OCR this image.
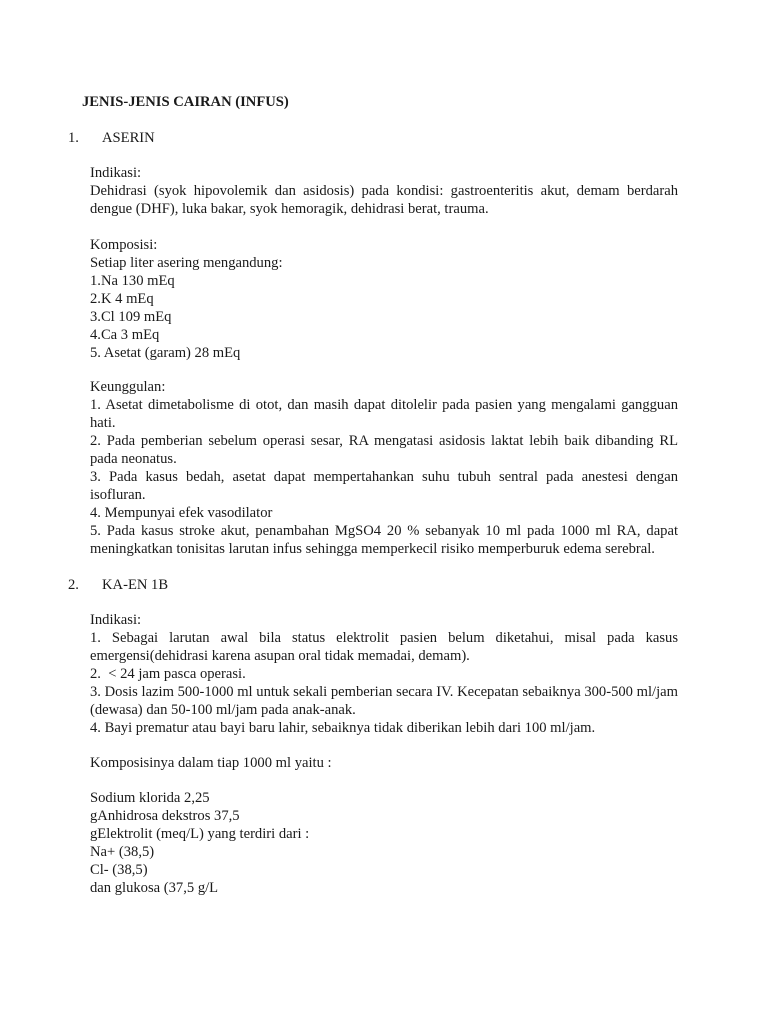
JENIS-JENIS CAIRAN (INFUS)
1. ASERIN
Indikasi:
Dehidrasi (syok hipovolemik dan asidosis) pada kondisi: gastroenteritis akut, demam berdarah dengue (DHF), luka bakar, syok hemoragik, dehidrasi berat, trauma.
Komposisi:
Setiap liter asering mengandung:
1.Na 130 mEq
2.K 4 mEq
3.Cl 109 mEq
4.Ca 3 mEq
5. Asetat (garam) 28 mEq
Keunggulan:
1. Asetat dimetabolisme di otot, dan masih dapat ditolelir pada pasien yang mengalami gangguan hati.
2. Pada pemberian sebelum operasi sesar, RA mengatasi asidosis laktat lebih baik dibanding RL pada neonatus.
3. Pada kasus bedah, asetat dapat mempertahankan suhu tubuh sentral pada anestesi dengan isofluran.
4. Mempunyai efek vasodilator
5. Pada kasus stroke akut, penambahan MgSO4 20 % sebanyak 10 ml pada 1000 ml RA, dapat meningkatkan tonisitas larutan infus sehingga memperkecil risiko memperburuk edema serebral.
2. KA-EN 1B
Indikasi:
1. Sebagai larutan awal bila status elektrolit pasien belum diketahui, misal pada kasus emergensi(dehidrasi karena asupan oral tidak memadai, demam).
2.  < 24 jam pasca operasi.
3. Dosis lazim 500-1000 ml untuk sekali pemberian secara IV. Kecepatan sebaiknya 300-500 ml/jam (dewasa) dan 50-100 ml/jam pada anak-anak.
4. Bayi prematur atau bayi baru lahir, sebaiknya tidak diberikan lebih dari 100 ml/jam.
Komposisinya dalam tiap 1000 ml yaitu :
Sodium klorida 2,25
gAnhidrosa dekstros 37,5
gElektrolit (meq/L) yang terdiri dari :
Na+ (38,5)
Cl- (38,5)
dan glukosa (37,5 g/L
